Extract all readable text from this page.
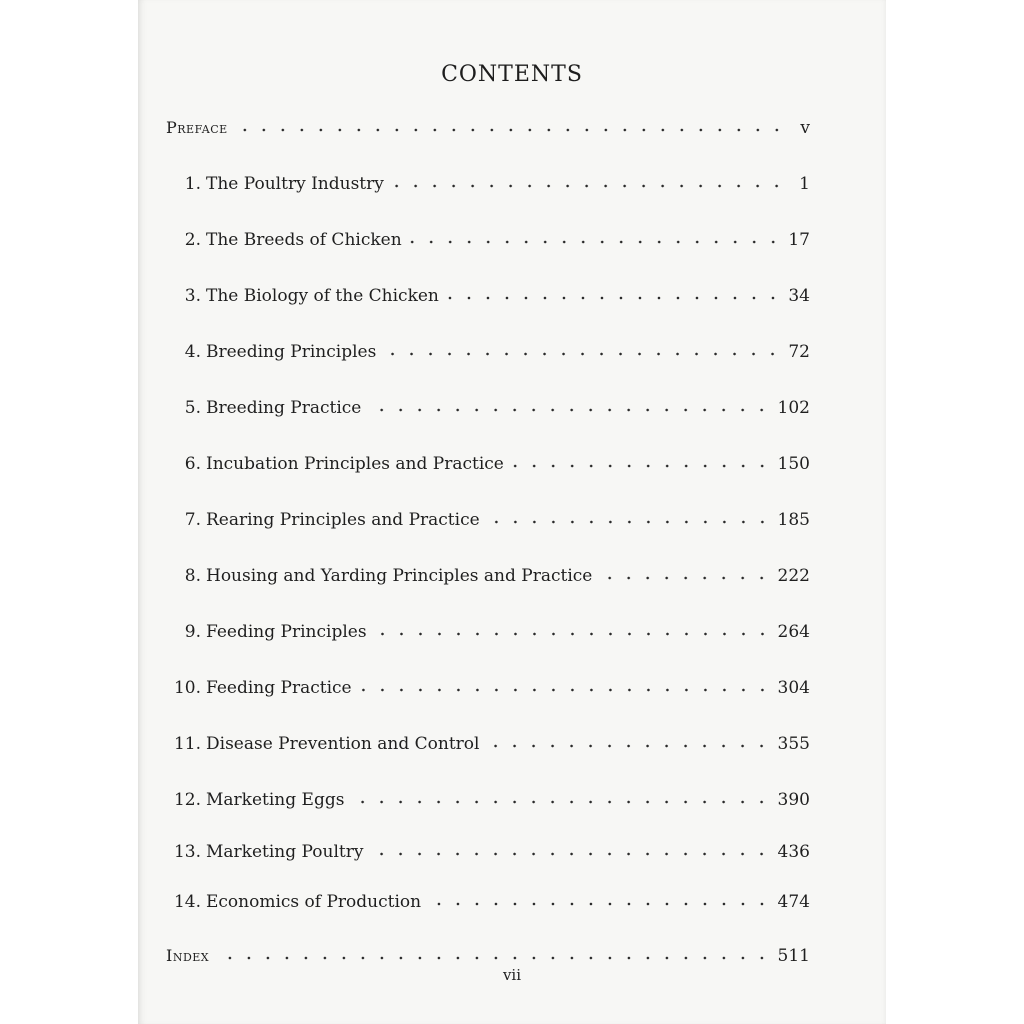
CONTENTS
Preface	v
1. The Poultry Industry	1
2. The Breeds of Chicken	17
3. The Biology of the Chicken	34
4. Breeding Principles	72
5. Breeding Practice	102
6. Incubation Principles and Practice	150
7. Rearing Principles and Practice	185
8. Housing and Yarding Principles and Practice	222
9. Feeding Principles	264
10. Feeding Practice	304
11. Disease Prevention and Control	355
12. Marketing Eggs	390
13. Marketing Poultry	436
14. Economics of Production	474
Index	511
vii
